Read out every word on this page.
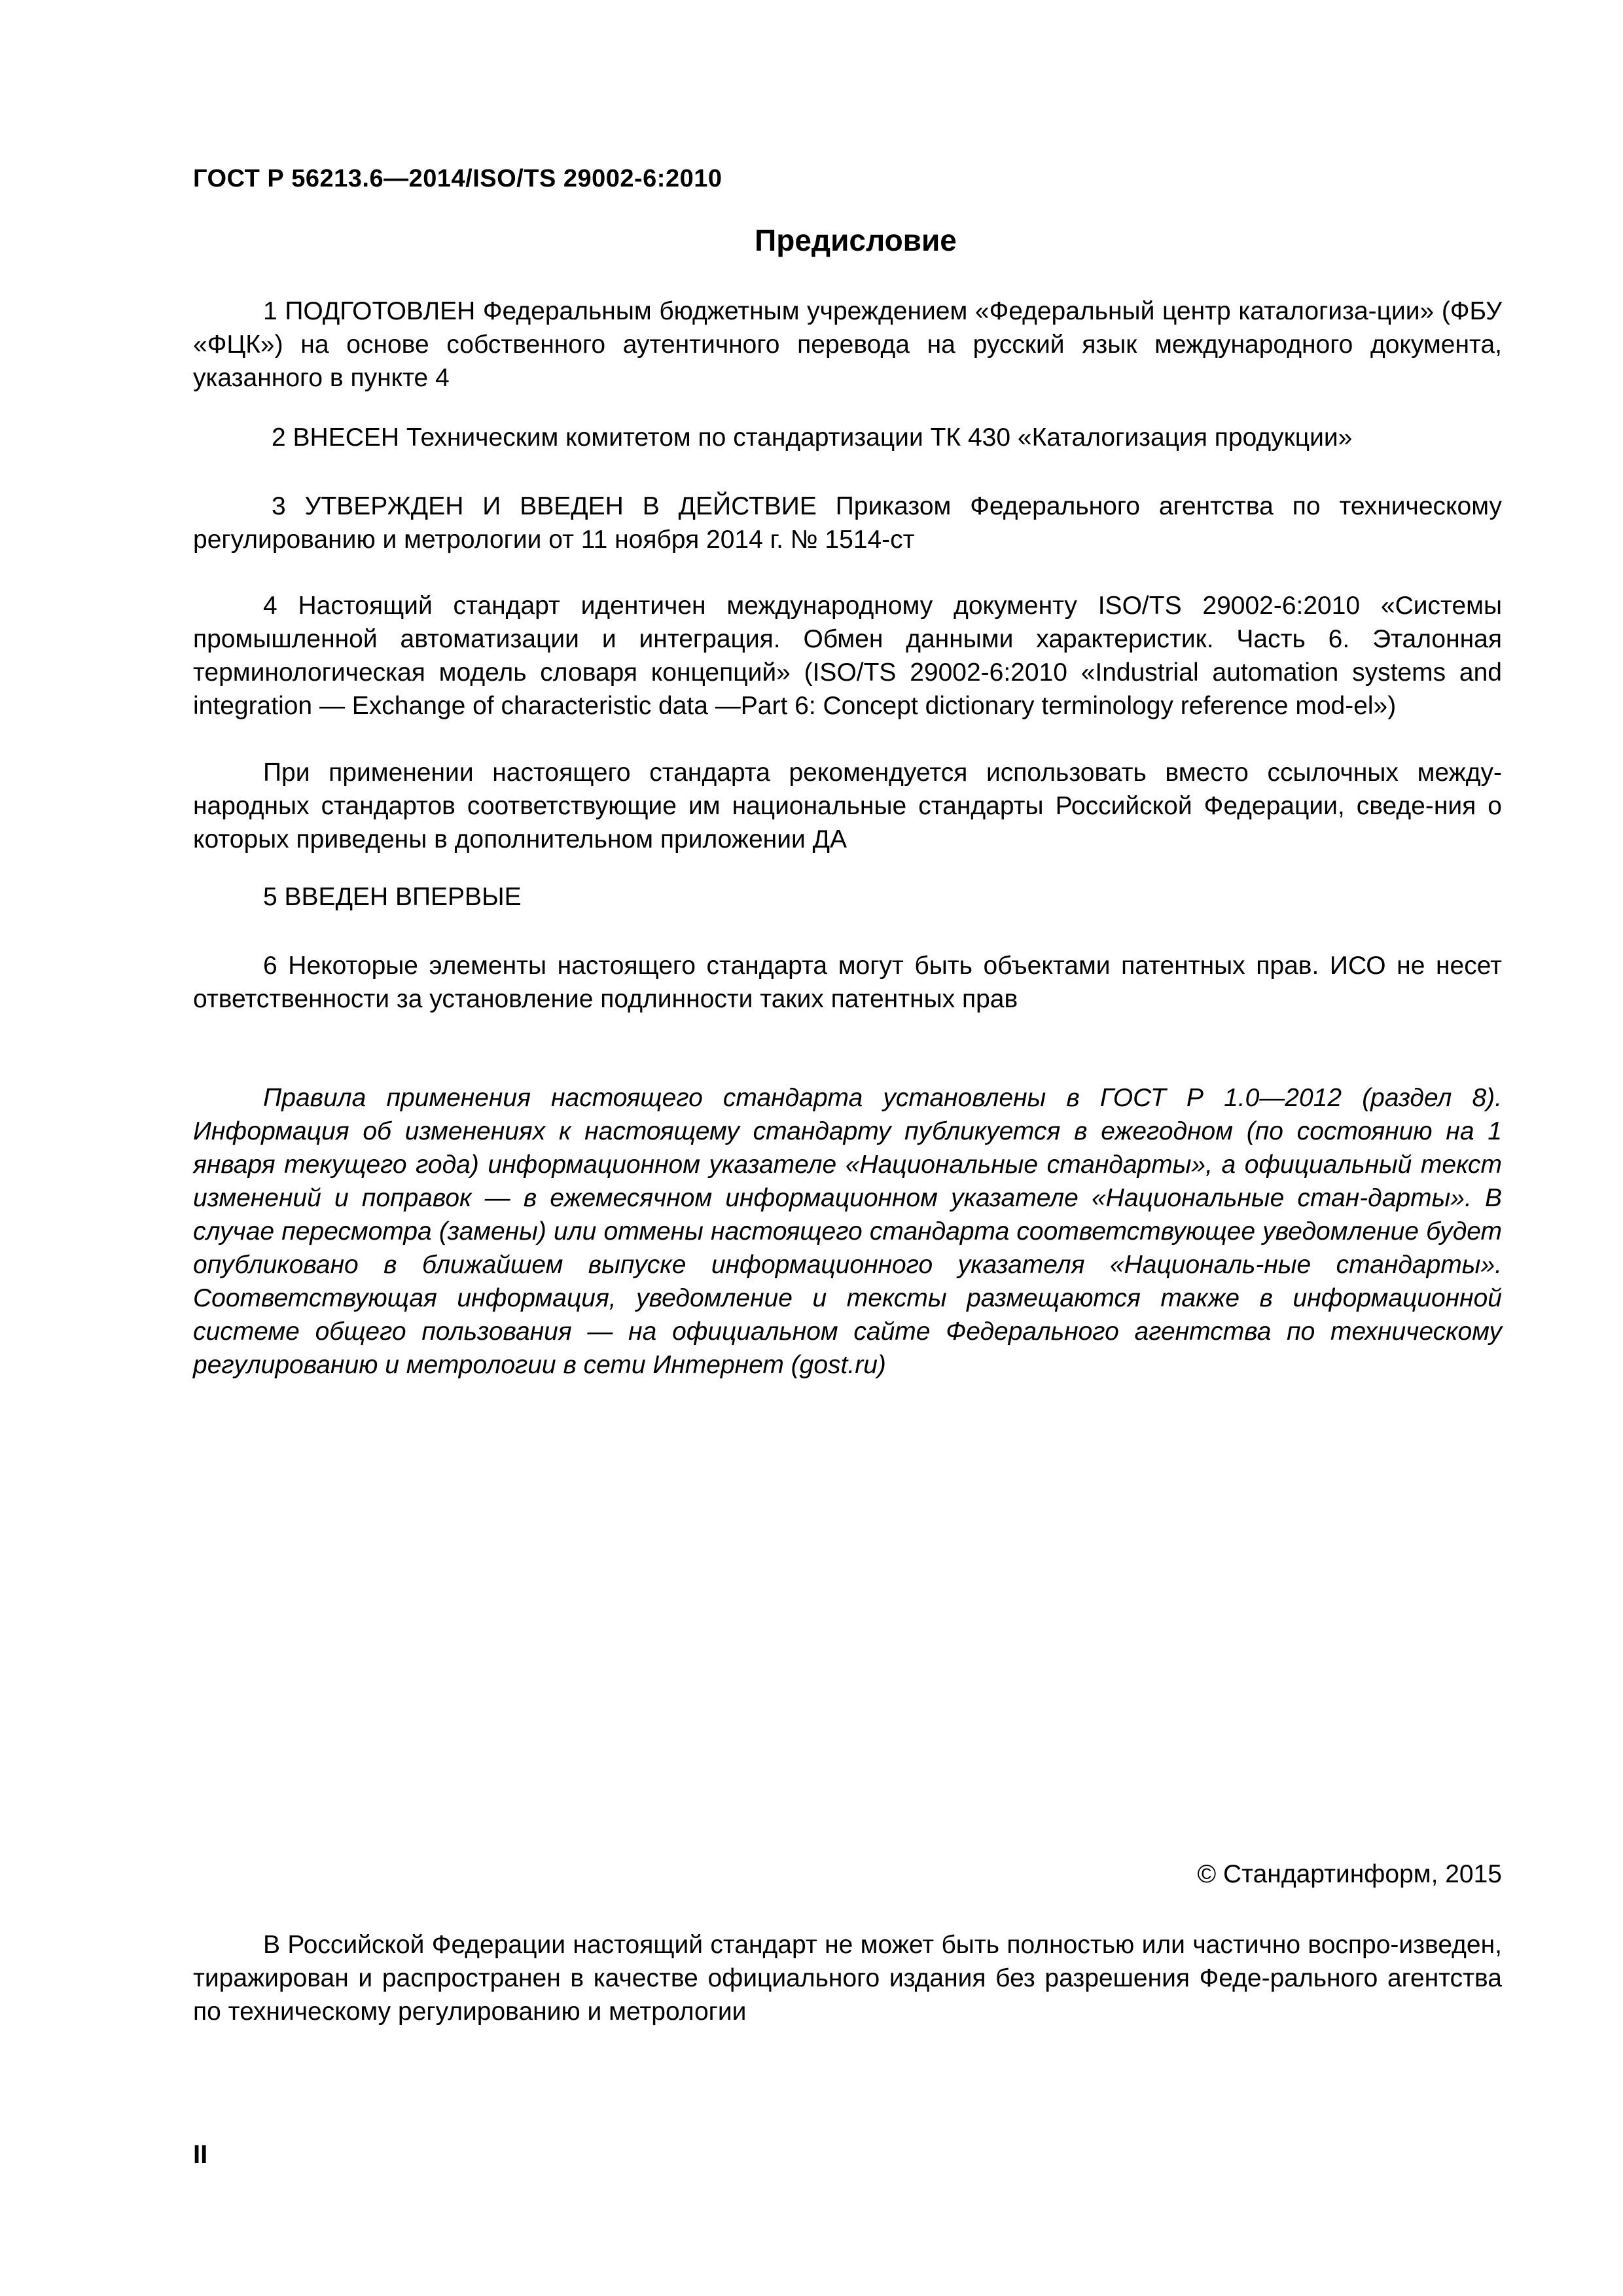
ГОСТ Р 56213.6—2014/ISO/TS 29002-6:2010
Предисловие

1 ПОДГОТОВЛЕН Федеральным бюджетным учреждением «Федеральный центр каталогиза-ции» (ФБУ «ФЦК») на основе собственного аутентичного перевода на русский язык международного документа, указанного в пункте 4

2 ВНЕСЕН Техническим комитетом по стандартизации ТК 430 «Каталогизация продукции»

3 УТВЕРЖДЕН И ВВЕДЕН В ДЕЙСТВИЕ Приказом Федерального агентства по техническому регулированию и метрологии от 11 ноября 2014 г. № 1514-ст

4 Настоящий стандарт идентичен международному документу ISO/TS 29002-6:2010 «Системы промышленной автоматизации и интеграция. Обмен данными характеристик. Часть 6. Эталонная терминологическая модель словаря концепций» (ISO/TS 29002-6:2010 «Industrial automation systems and integration — Exchange of characteristic data —Part 6: Concept dictionary terminology reference mod-el»)

При применении настоящего стандарта рекомендуется использовать вместо ссылочных между-народных стандартов соответствующие им национальные стандарты Российской Федерации, сведе-ния о которых приведены в дополнительном приложении ДА

5 ВВЕДЕН ВПЕРВЫЕ

6 Некоторые элементы настоящего стандарта могут быть объектами патентных прав. ИСО не несет ответственности за установление подлинности таких патентных прав

Правила применения настоящего стандарта установлены в ГОСТ Р 1.0—2012 (раздел 8). Информация об изменениях к настоящему стандарту публикуется в ежегодном (по состоянию на 1 января текущего года) информационном указателе «Национальные стандарты», а официальный текст изменений и поправок — в ежемесячном информационном указателе «Национальные стан-дарты». В случае пересмотра (замены) или отмены настоящего стандарта соответствующее уведомление будет опубликовано в ближайшем выпуске информационного указателя «Националь-ные стандарты». Соответствующая информация, уведомление и тексты размещаются также в информационной системе общего пользования — на официальном сайте Федерального агентства по техническому регулированию и метрологии в сети Интернет (gost.ru)

© Стандартинформ, 2015

В Российской Федерации настоящий стандарт не может быть полностью или частично воспро-изведен, тиражирован и распространен в качестве официального издания без разрешения Феде-рального агентства по техническому регулированию и метрологии

II
